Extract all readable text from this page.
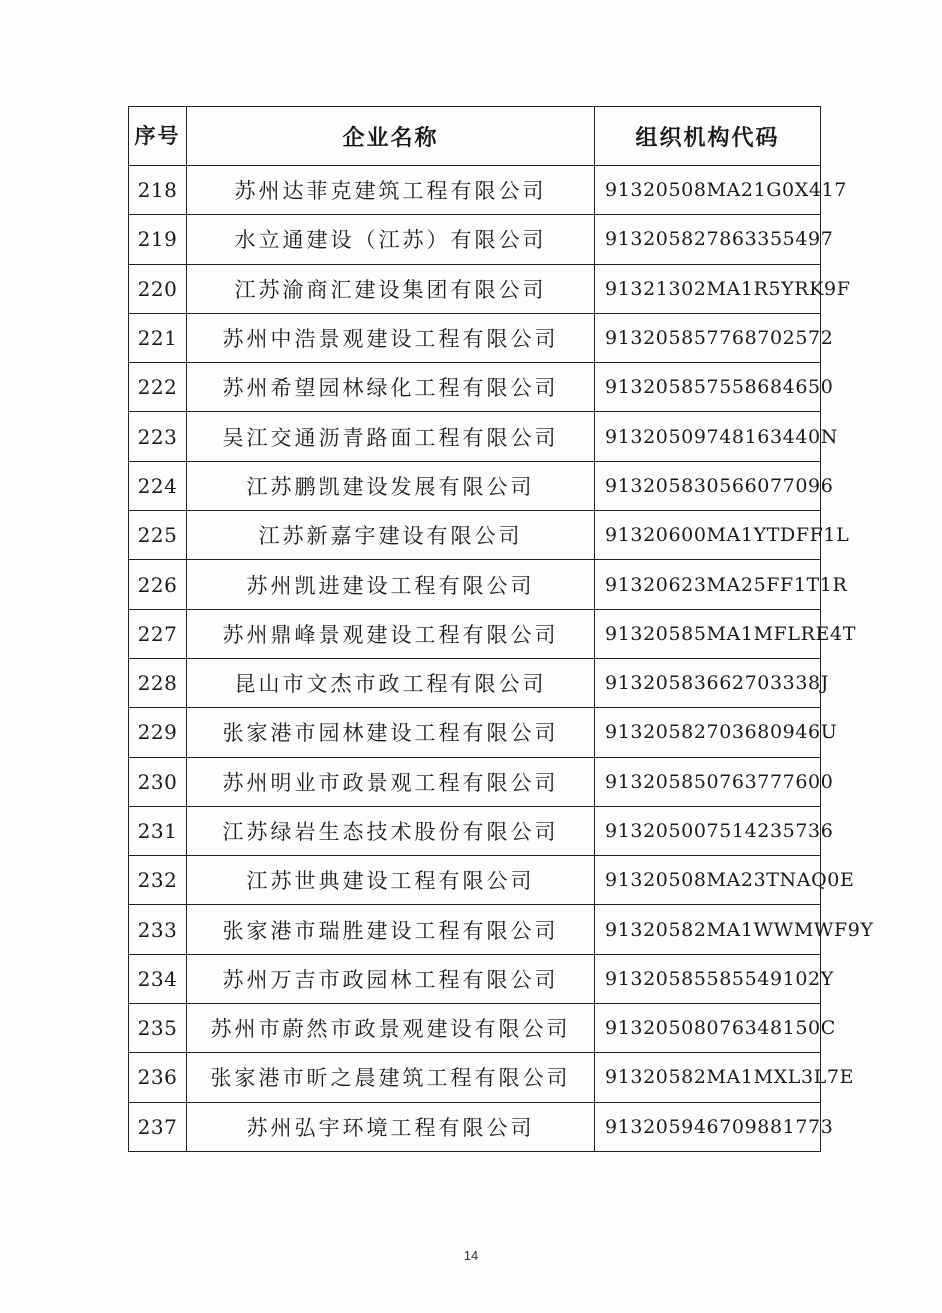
序号	企业名称	组织机构代码
218	苏州达菲克建筑工程有限公司	91320508MA21G0X417
219	水立通建设（江苏）有限公司	913205827863355497
220	江苏渝商汇建设集团有限公司	91321302MA1R5YRK9F
221	苏州中浩景观建设工程有限公司	913205857768702572
222	苏州希望园林绿化工程有限公司	913205857558684650
223	吴江交通沥青路面工程有限公司	91320509748163440N
224	江苏鹏凯建设发展有限公司	913205830566077096
225	江苏新嘉宇建设有限公司	91320600MA1YTDFF1L
226	苏州凯进建设工程有限公司	91320623MA25FF1T1R
227	苏州鼎峰景观建设工程有限公司	91320585MA1MFLRE4T
228	昆山市文杰市政工程有限公司	91320583662703338J
229	张家港市园林建设工程有限公司	91320582703680946U
230	苏州明业市政景观工程有限公司	913205850763777600
231	江苏绿岩生态技术股份有限公司	913205007514235736
232	江苏世典建设工程有限公司	91320508MA23TNAQ0E
233	张家港市瑞胜建设工程有限公司	91320582MA1WWMWF9Y
234	苏州万吉市政园林工程有限公司	91320585585549102Y
235	苏州市蔚然市政景观建设有限公司	91320508076348150C
236	张家港市昕之晨建筑工程有限公司	91320582MA1MXL3L7E
237	苏州弘宇环境工程有限公司	913205946709881773
14
